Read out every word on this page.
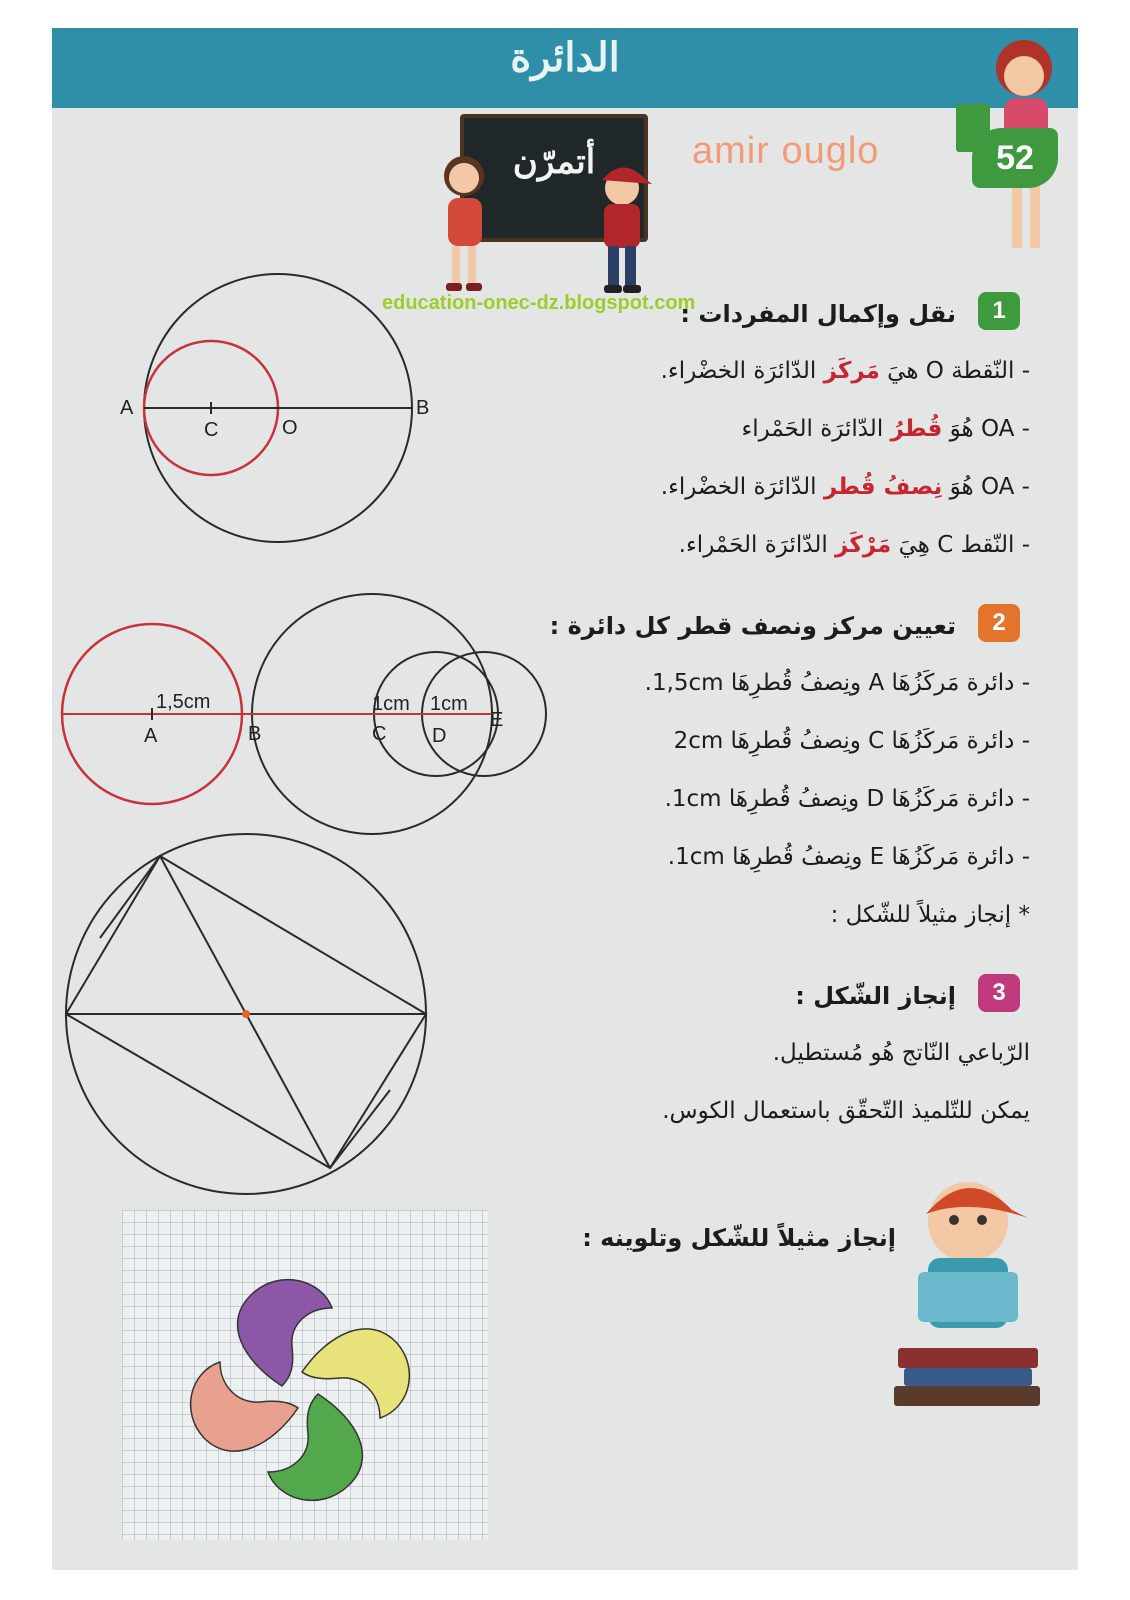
الدائرة
أتمرّن	amir ouglo	52
education-onec-dz.blogspot.com	1
نقل وإكمال المفردات :
- النّقطة O هيَ مَركَز الدّائرَة الخضْراء.
- OA هُوَ قُطرُ الدّائرَة الحَمْراء
- OA هُوَ نِصفُ قُطر الدّائرَة الخضْراء.
- النّقط C هِيَ مَرْكَز الدّائرَة الحَمْراء.
2
تعيين مركز ونصف قطر كل دائرة :
- دائرة مَركَزُهَا A ونِصفُ قُطرِهَا 1,5cm.
- دائرة مَركَزُهَا C ونِصفُ قُطرِهَا 2cm
- دائرة مَركَزُهَا D ونِصفُ قُطرِهَا 1cm.
- دائرة مَركَزُهَا E ونِصفُ قُطرِهَا 1cm.
* إنجاز مثيلاً للشّكل :
3
إنجاز الشّكل :
الرّباعي النّاتج هُو مُستطيل.
يمكن للتّلميذ التّحقّق باستعمال الكوس.
إنجاز مثيلاً للشّكل وتلوينه :
A
C	O
B
1,5cm	1cm 1cm
A	B	C D
E
